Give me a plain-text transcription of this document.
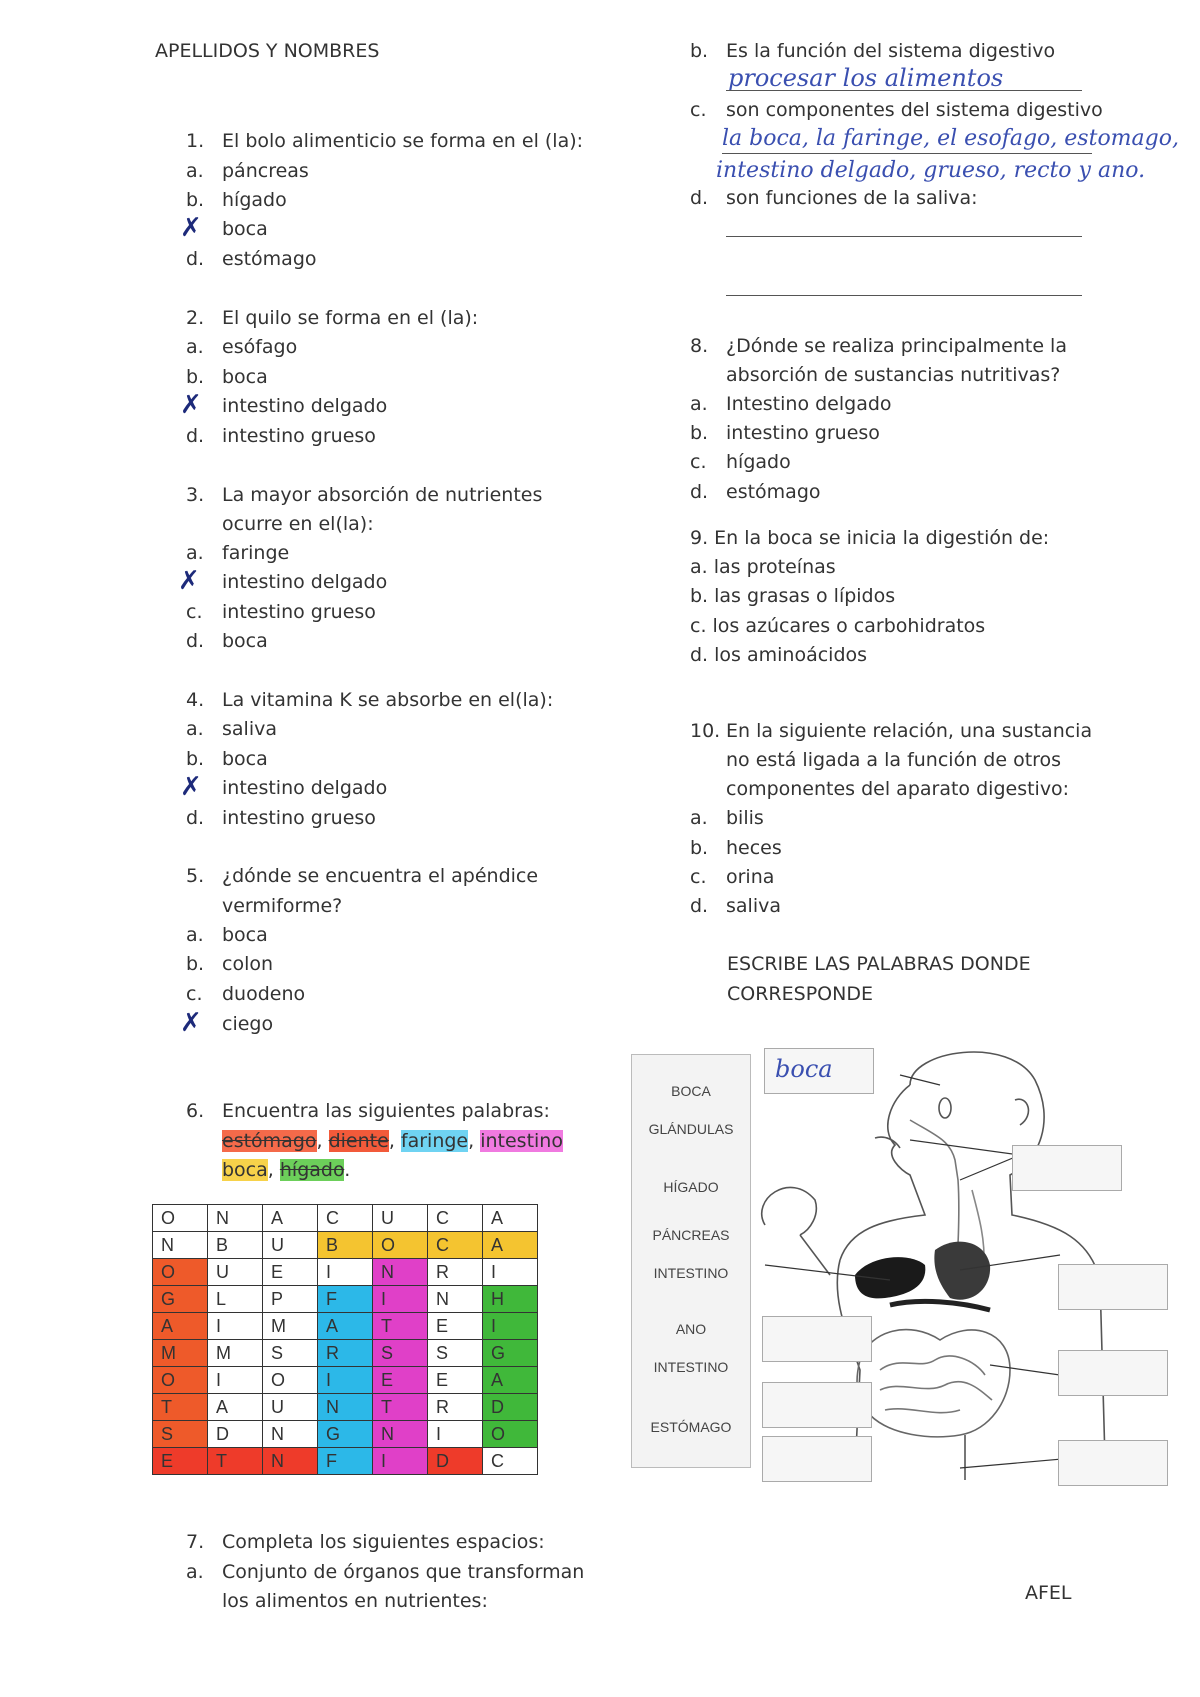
APELLIDOS Y NOMBRES
1. El bolo alimenticio se forma en el (la):
a. páncreas
b. hígado
✗	boca
d. estómago
2. El quilo se forma en el (la):
a. esófago
b. boca
✗	intestino delgado
d. intestino grueso
3. La mayor absorción de nutrientes
ocurre en el(la):
a. faringe
✗	intestino delgado
c. intestino grueso
d. boca
4. La vitamina K se absorbe en el(la):
a. saliva
b. boca
✗	intestino delgado
d. intestino grueso
5. ¿dónde se encuentra el apéndice
vermiforme?
a. boca
b. colon
c. duodeno
✗	ciego
6. Encuentra las siguientes palabras:
estómago, diente, faringe, intestino
boca, hígado.
O	N	A	C	U	C	A
N	B	U	B	O	C	A
O	U	E	I	N	R	I
G	L	P	F	I	N	H
A	I	M	A	T	E	I
M	M	S	R	S	S	G
O	I	O	I	E	E	A
T	A	U	N	T	R	D
S	D	N	G	N	I	O
E	T	N	F	I	D	C
7. Completa los siguientes espacios:
a. Conjunto de órganos que transforman
los alimentos en nutrientes:
b. Es la función del sistema digestivo
procesar los alimentos
c. son componentes del sistema digestivo
la boca, la faringe, el esofago, estomago,
intestino delgado, grueso, recto y ano.
d. son funciones de la saliva:
8. ¿Dónde se realiza principalmente la
absorción de sustancias nutritivas?
a. Intestino delgado
b. intestino grueso
c. hígado
d. estómago
9. En la boca se inicia la digestión de:
a. las proteínas
b. las grasas o lípidos
c. los azúcares o carbohidratos
d. los aminoácidos
10. En la siguiente relación, una sustancia
no está ligada a la función de otros
componentes del aparato digestivo:
a. bilis
b. heces
c. orina
d. saliva
ESCRIBE LAS PALABRAS DONDE
CORRESPONDE
BOCA
GLÁNDULAS
HÍGADO
PÁNCREAS
INTESTINO
ANO
INTESTINO
ESTÓMAGO
boca
AFEL
